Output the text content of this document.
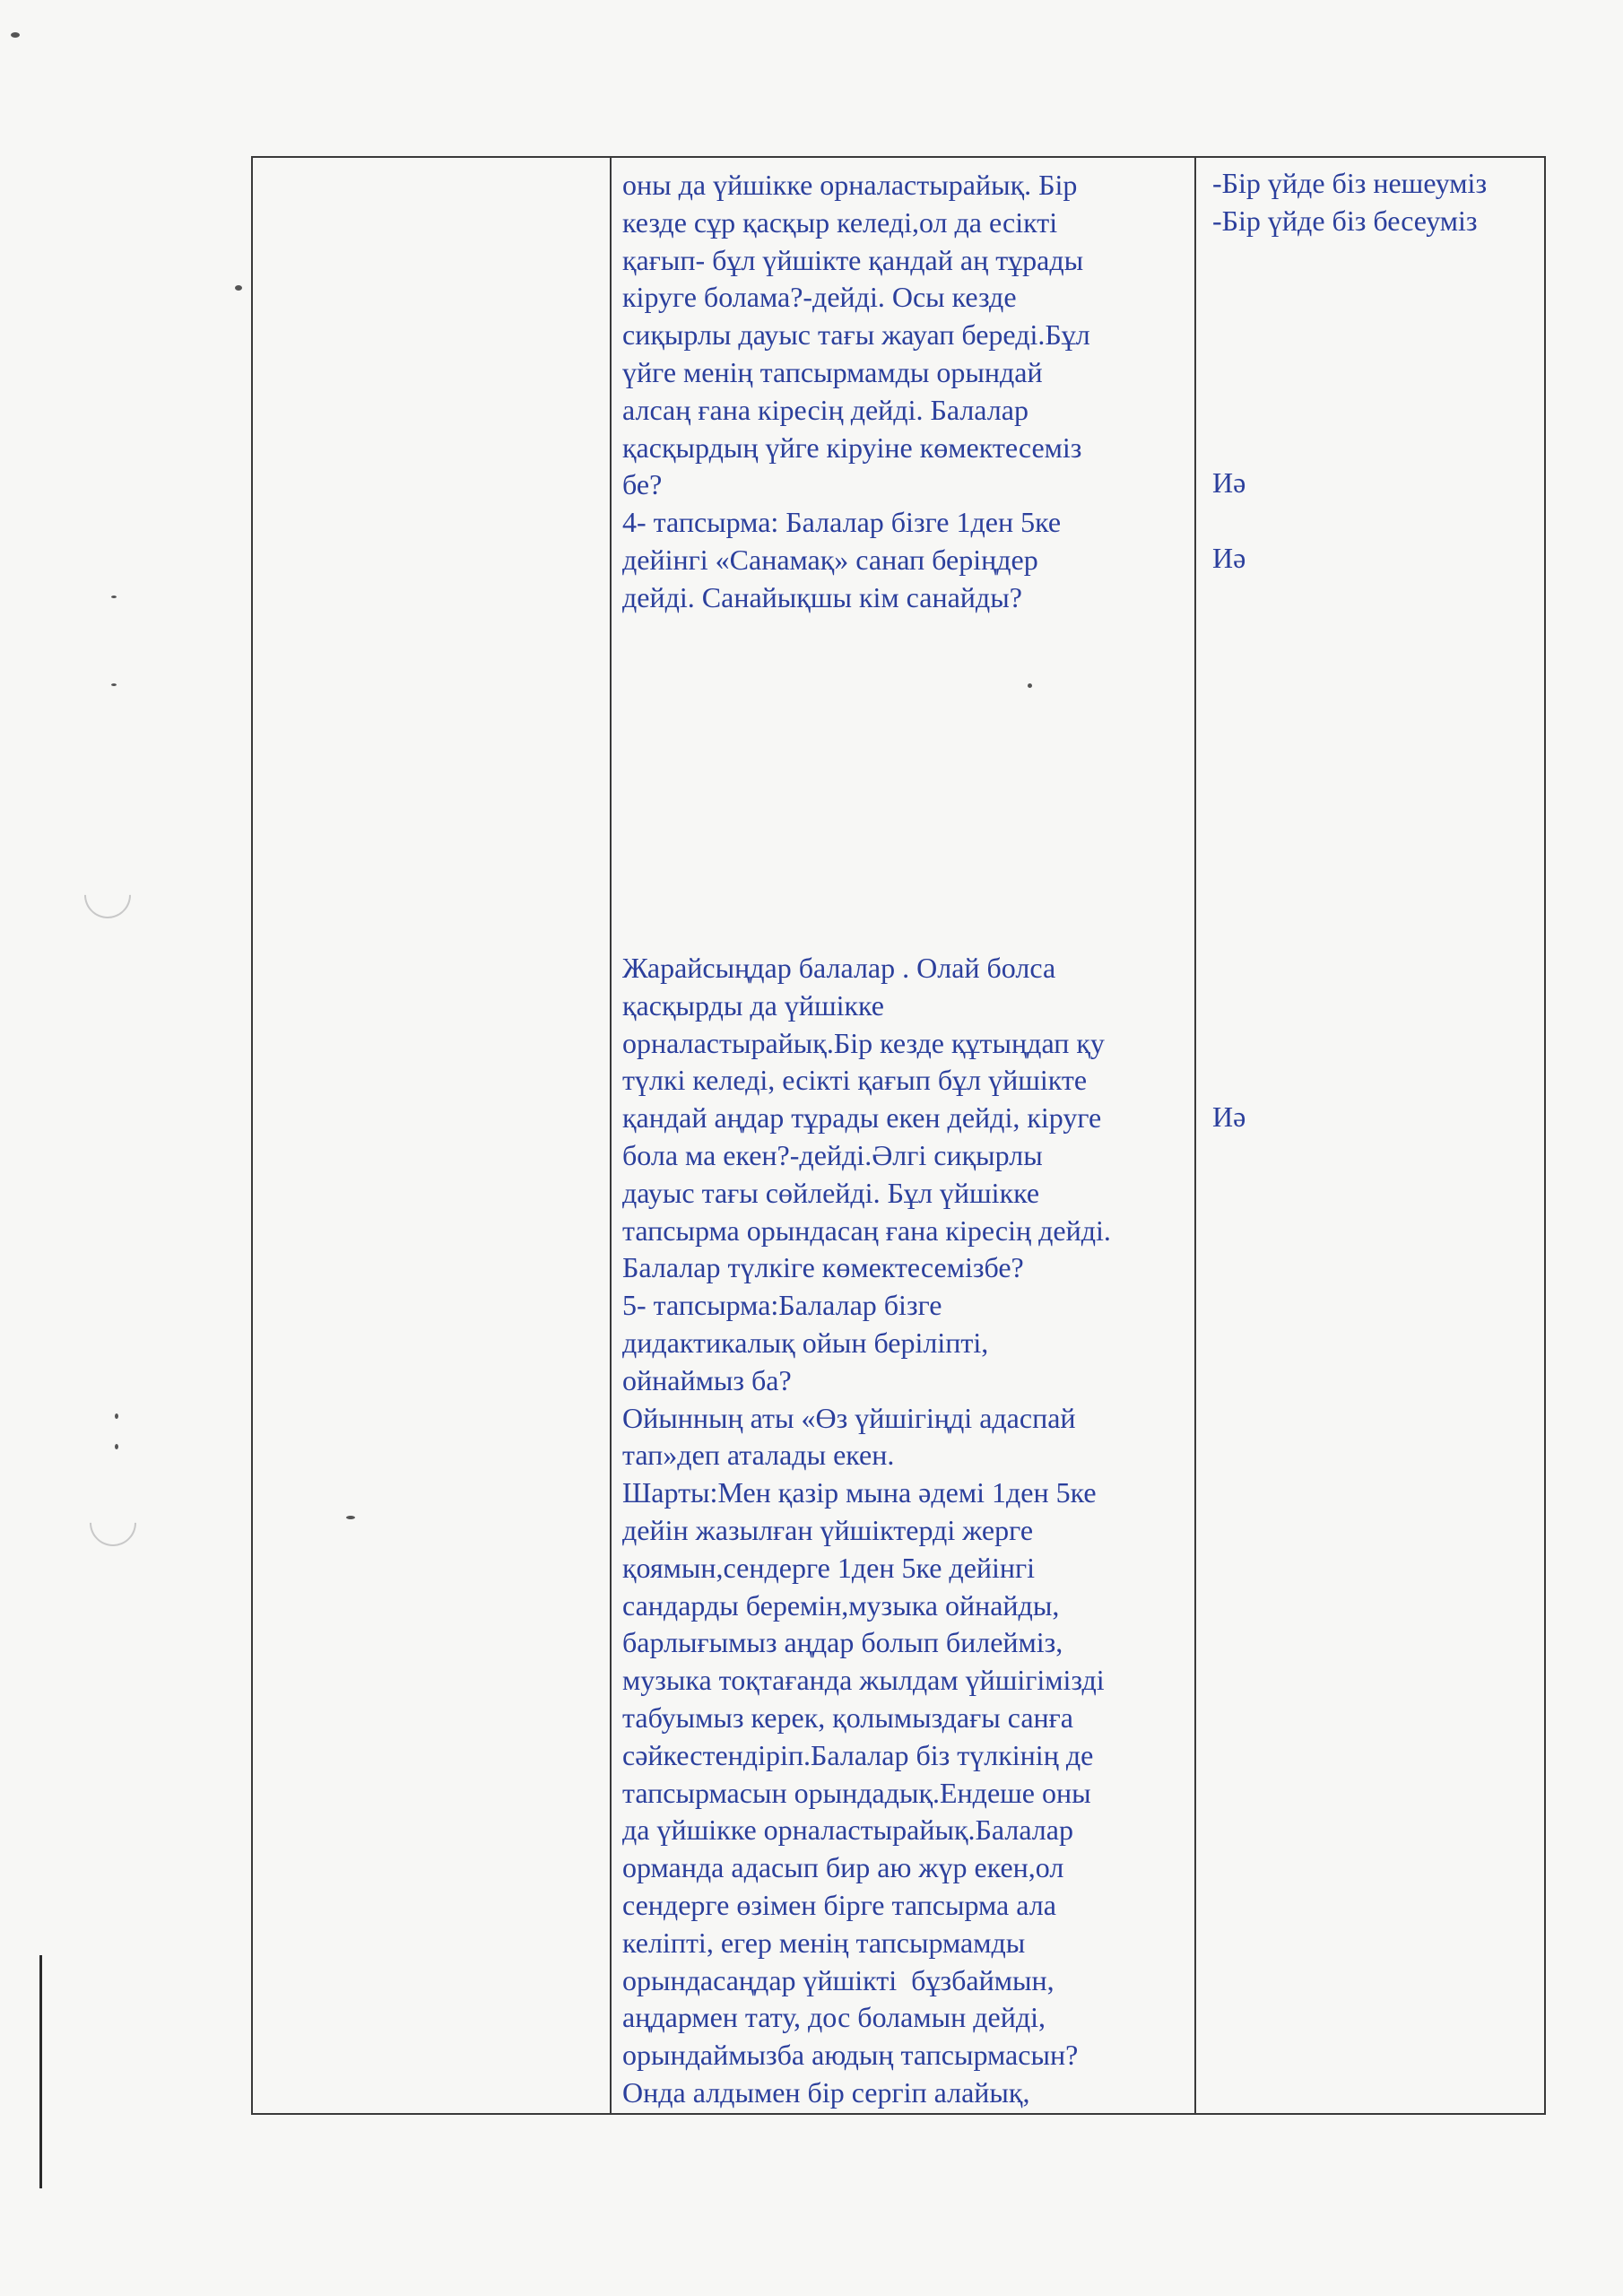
оны да үйшікке орналастырайық. Бір
кезде сұр қасқыр келеді,ол да есікті
қағып- бұл үйшікте қандай аң тұрады
кіруге болама?-дейді. Осы кезде
сиқырлы дауыс тағы жауап береді.Бұл
үйге менің тапсырмамды орындай
алсаң ғана кіресің дейді. Балалар
қасқырдың үйге кіруіне көмектесеміз
бе?
4- тапсырма: Балалар бізге 1ден 5ке
дейінгі «Санамақ» санап беріңдер
дейді. Санайықшы кім санайды?
Жарайсыңдар балалар . Олай болса
қасқырды да үйшікке
орналастырайық.Бір кезде құтыңдап қу
түлкі келеді, есікті қағып бұл үйшікте
қандай аңдар тұрады екен дейді, кіруге
бола ма екен?-дейді.Әлгі сиқырлы
дауыс тағы сөйлейді. Бұл үйшікке
тапсырма орындасаң ғана кіресің дейді.
Балалар түлкіге көмектесемізбе?
5- тапсырма:Балалар бізге
дидактикалық ойын беріліпті,
ойнаймыз ба?
Ойынның аты «Өз үйшігіңді адаспай
тап»деп аталады екен.
Шарты:Мен қазір мына әдемі 1ден 5ке
дейін жазылған үйшіктерді жерге
қоямын,сендерге 1ден 5ке дейінгі
сандарды беремін,музыка ойнайды,
барлығымыз аңдар болып билейміз,
музыка тоқтағанда жылдам үйшігімізді
табуымыз керек, қолымыздағы санға
сәйкестендіріп.Балалар біз түлкінің де
тапсырмасын орындадық.Ендеше оны
да үйшікке орналастырайық.Балалар
орманда адасып бир аю жүр екен,ол
сендерге өзімен бірге тапсырма ала
келіпті, егер менің тапсырмамды
орындасаңдар үйшікті  бұзбаймын,
аңдармен тату, дос боламын дейді,
орындаймызба аюдың тапсырмасын?
Онда алдымен бір сергіп алайық,
-Бір үйде біз нешеуміз
-Бір үйде біз бесеуміз
Иә
Иә
Иә
